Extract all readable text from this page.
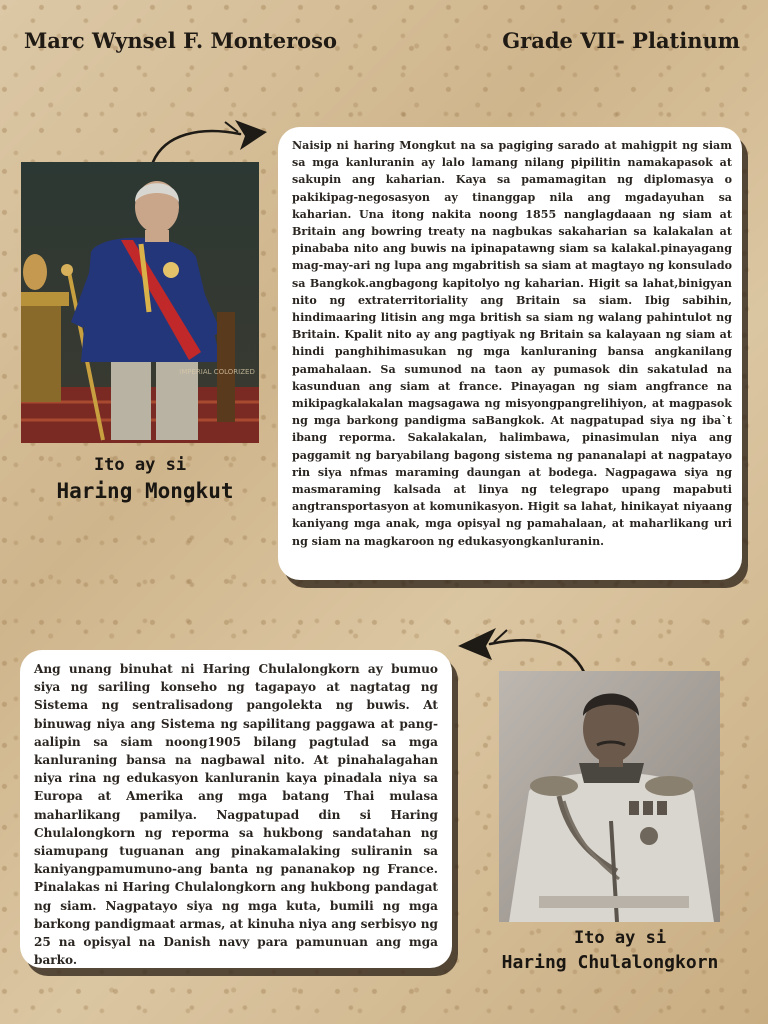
Marc Wynsel F. Monteroso	Grade VII- Platinum
IMPERIAL COLORIZED
Ito ay si
Haring Mongkut
Naisip ni haring Mongkut na sa pagiging sarado at mahigpit ng siam sa mga kanluranin ay lalo lamang nilang pipilitin namakapasok at sakupin ang kaharian. Kaya sa pamamagitan ng diplomasya o pakikipag-negosasyon ay tinanggap nila ang mgadayuhan sa kaharian. Una itong nakita noong 1855 nanglagdaaan ng siam at Britain ang bowring treaty na nagbukas sakaharian sa kalakalan at pinababa nito ang buwis na ipinapatawng siam sa kalakal.pinayagang mag-may-ari ng lupa ang mgabritish sa siam at magtayo ng konsulado sa Bangkok.angbagong kapitolyo ng kaharian. Higit sa lahat,binigyan nito ng extraterritoriality ang Britain sa siam. Ibig sabihin, hindimaaring litisin ang mga british sa siam ng walang pahintulot ng Britain. Kpalit nito ay ang pagtiyak ng Britain sa kalayaan ng siam at hindi panghihimasukan ng mga kanluraning bansa angkanilang pamahalaan. Sa sumunod na taon ay pumasok din sakatulad na kasunduan ang siam at france. Pinayagan ng siam angfrance na mikipagkalakalan magsagawa ng misyongpangrelihiyon, at magpasok ng mga barkong pandigma saBangkok. At nagpatupad siya ng iba`t ibang reporma. Sakalakalan, halimbawa, pinasimulan niya ang paggamit ng baryabilang bagong sistema ng pananalapi at nagpatayo rin siya nfmas maraming daungan at bodega. Nagpagawa siya ng masmaraming kalsada at linya ng telegrapo upang mapabuti angtransportasyon at komunikasyon. Higit sa lahat, hinikayat niyaang kaniyang mga anak, mga opisyal ng pamahalaan, at maharlikang uri ng siam na magkaroon ng edukasyongkanluranin.
Ang unang binuhat ni Haring Chulalongkorn ay bumuo siya ng sariling konseho ng tagapayo at nagtatag ng Sistema ng sentralisadong pangolekta ng buwis. At binuwag niya ang Sistema ng sapilitang paggawa at pang-aalipin sa siam noong1905 bilang pagtulad sa mga kanluraning bansa na nagbawal nito. At pinahalagahan niya rina ng edukasyon kanluranin kaya pinadala niya sa Europa at Amerika ang mga batang Thai mulasa maharlikang pamilya. Nagpatupad din si Haring Chulalongkorn ng reporma sa hukbong sandatahan ng siamupang tuguanan ang pinakamalaking suliranin sa kaniyangpamumuno-ang banta ng pananakop ng France. Pinalakas ni Haring Chulalongkorn ang hukbong pandagat ng siam. Nagpatayo siya ng mga kuta, bumili ng mga barkong pandigmaat armas, at kinuha niya ang serbisyo ng 25 na opisyal na Danish navy para pamunuan ang mga barko.
Ito ay si
Haring Chulalongkorn
